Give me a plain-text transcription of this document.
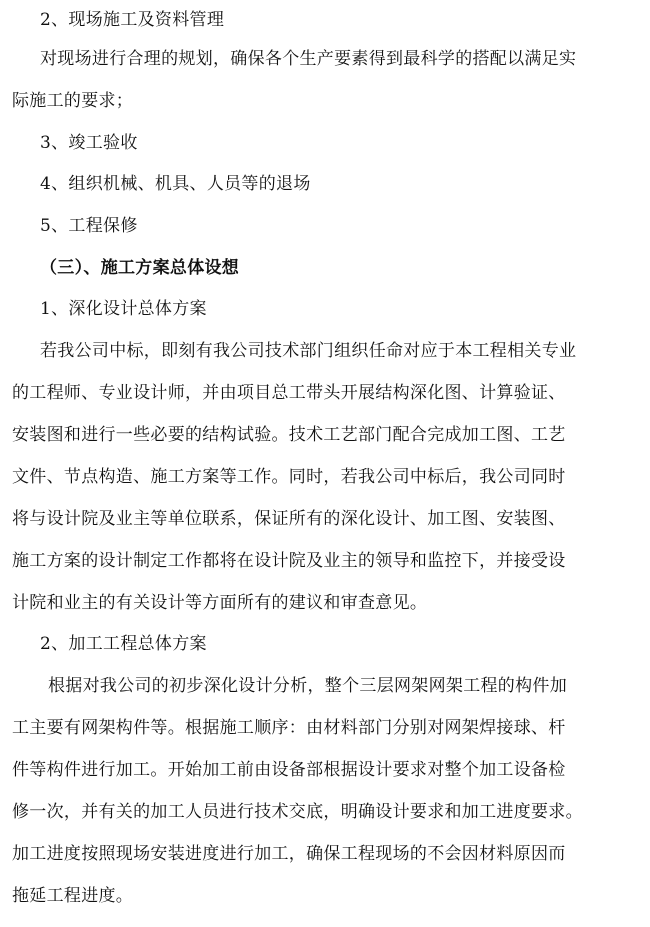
2、现场施工及资料管理
对现场进行合理的规划，确保各个生产要素得到最科学的搭配以满足实
际施工的要求；
3、竣工验收
4、组织机械、机具、人员等的退场
5、工程保修
（三）、施工方案总体设想
1、深化设计总体方案
若我公司中标，即刻有我公司技术部门组织任命对应于本工程相关专业
的工程师、专业设计师，并由项目总工带头开展结构深化图、计算验证、
安装图和进行一些必要的结构试验。技术工艺部门配合完成加工图、工艺
文件、节点构造、施工方案等工作。同时，若我公司中标后，我公司同时
将与设计院及业主等单位联系，保证所有的深化设计、加工图、安装图、
施工方案的设计制定工作都将在设计院及业主的领导和监控下，并接受设
计院和业主的有关设计等方面所有的建议和审查意见。
2、加工工程总体方案
根据对我公司的初步深化设计分析，整个三层网架网架工程的构件加
工主要有网架构件等。根据施工顺序：由材料部门分别对网架焊接球、杆
件等构件进行加工。开始加工前由设备部根据设计要求对整个加工设备检
修一次，并有关的加工人员进行技术交底，明确设计要求和加工进度要求。
加工进度按照现场安装进度进行加工，确保工程现场的不会因材料原因而
拖延工程进度。
